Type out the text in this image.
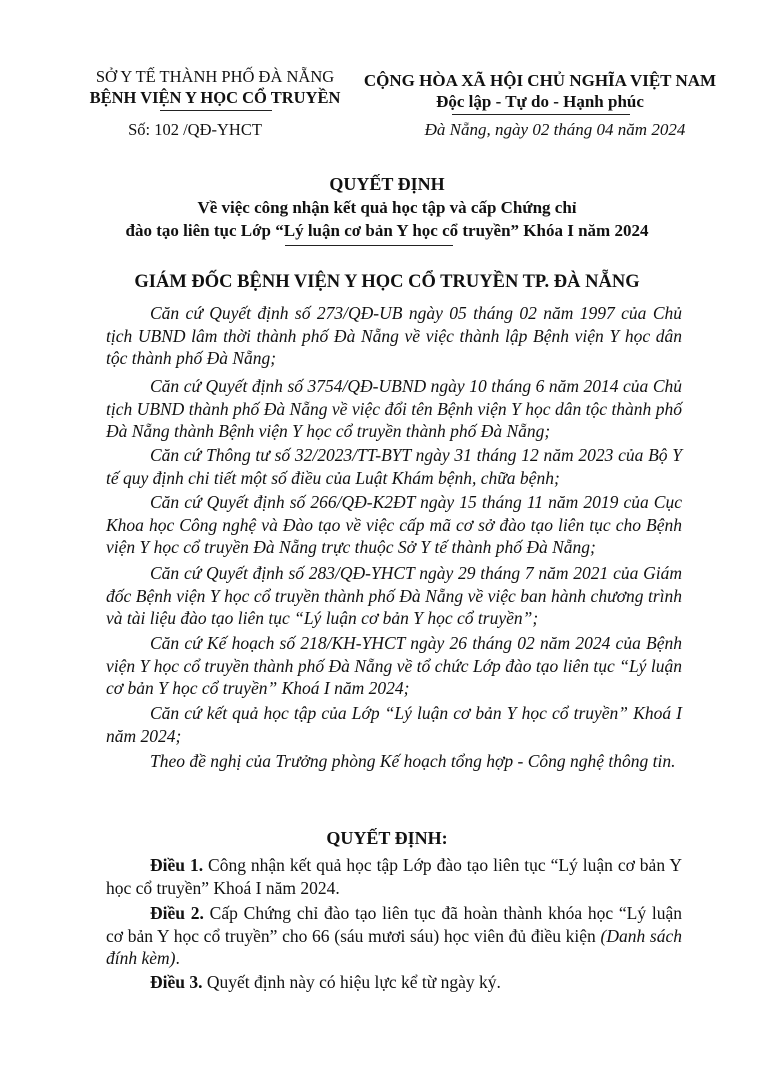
SỞ Y TẾ THÀNH PHỐ ĐÀ NẴNG
BỆNH VIỆN Y HỌC CỔ TRUYỀN
Số: 102 /QĐ-YHCT
CỘNG HÒA XÃ HỘI CHỦ NGHĨA VIỆT NAM
Độc lập - Tự do - Hạnh phúc
Đà Nẵng, ngày 02 tháng 04 năm 2024
QUYẾT ĐỊNH
Về việc công nhận kết quả học tập và cấp Chứng chỉ
đào tạo liên tục Lớp “Lý luận cơ bản Y học cổ truyền” Khóa I năm 2024
GIÁM ĐỐC BỆNH VIỆN Y HỌC CỔ TRUYỀN TP. ĐÀ NẴNG
Căn cứ Quyết định số 273/QĐ-UB ngày 05 tháng 02 năm 1997 của Chủ tịch UBND lâm thời thành phố Đà Nẵng về việc thành lập Bệnh viện Y học dân tộc thành phố Đà Nẵng;
Căn cứ Quyết định số 3754/QĐ-UBND ngày 10 tháng 6 năm 2014 của Chủ tịch UBND thành phố Đà Nẵng về việc đổi tên Bệnh viện Y học dân tộc thành phố Đà Nẵng thành Bệnh viện Y học cổ truyền thành phố Đà Nẵng;
Căn cứ Thông tư số 32/2023/TT-BYT ngày 31 tháng 12 năm 2023 của Bộ Y tế quy định chi tiết một số điều của Luật Khám bệnh, chữa bệnh;
Căn cứ Quyết định số 266/QĐ-K2ĐT ngày 15 tháng 11 năm 2019 của Cục Khoa học Công nghệ và Đào tạo về việc cấp mã cơ sở đào tạo liên tục cho Bệnh viện Y học cổ truyền Đà Nẵng trực thuộc Sở Y tế thành phố Đà Nẵng;
Căn cứ Quyết định số 283/QĐ-YHCT ngày 29 tháng 7 năm 2021 của Giám đốc Bệnh viện Y học cổ truyền thành phố Đà Nẵng về việc ban hành chương trình và tài liệu đào tạo liên tục “Lý luận cơ bản Y học cổ truyền”;
Căn cứ Kế hoạch số 218/KH-YHCT ngày 26 tháng 02 năm 2024 của Bệnh viện Y học cổ truyền thành phố Đà Nẵng về tổ chức Lớp đào tạo liên tục “Lý luận cơ bản Y học cổ truyền” Khoá I năm 2024;
Căn cứ kết quả học tập của Lớp “Lý luận cơ bản Y học cổ truyền” Khoá I năm 2024;
Theo đề nghị của Trưởng phòng Kế hoạch tổng hợp - Công nghệ thông tin.
QUYẾT ĐỊNH:
Điều 1. Công nhận kết quả học tập Lớp đào tạo liên tục “Lý luận cơ bản Y học cổ truyền” Khoá I năm 2024.
Điều 2. Cấp Chứng chỉ đào tạo liên tục đã hoàn thành khóa học “Lý luận cơ bản Y học cổ truyền” cho 66 (sáu mươi sáu) học viên đủ điều kiện (Danh sách đính kèm).
Điều 3. Quyết định này có hiệu lực kể từ ngày ký.
